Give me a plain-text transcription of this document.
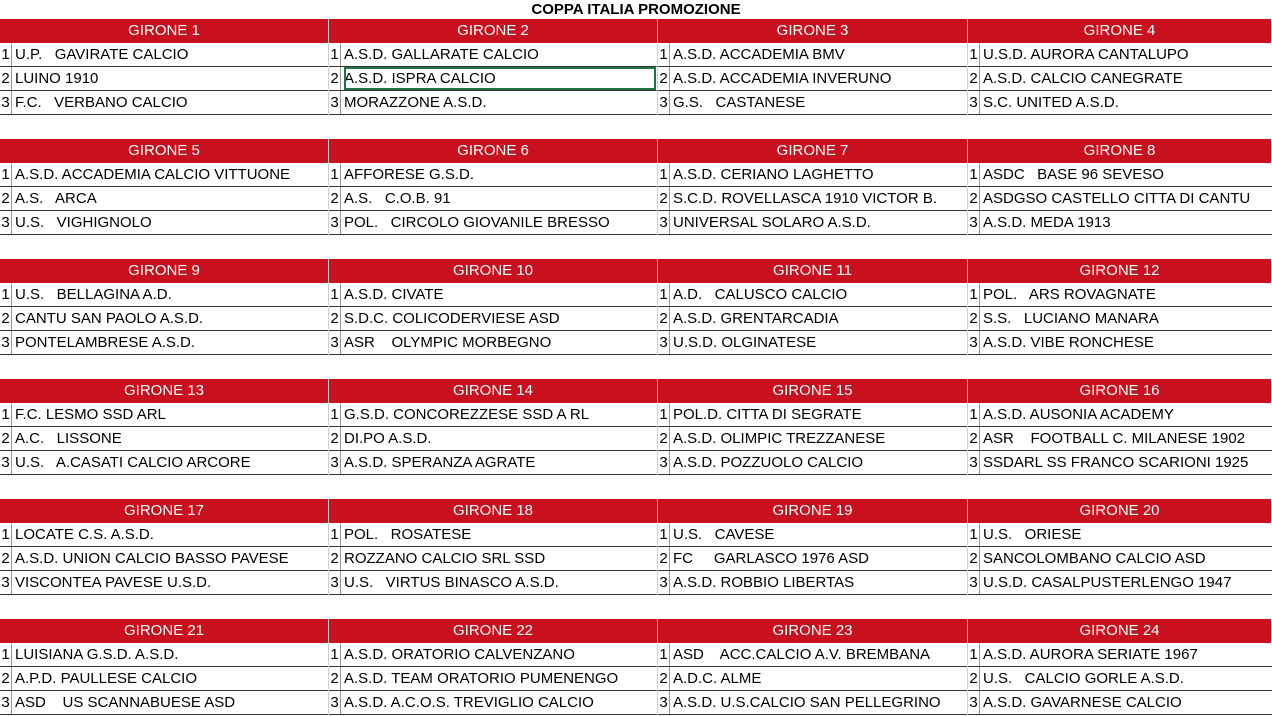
COPPA ITALIA PROMOZIONE
GIRONE 1	GIRONE 2	GIRONE 3	GIRONE 4
1 U.P.   GAVIRATE CALCIO	1 A.S.D. GALLARATE CALCIO	1 A.S.D. ACCADEMIA BMV	1 U.S.D. AURORA CANTALUPO
2 LUINO 1910	2 A.S.D. ISPRA CALCIO	2 A.S.D. ACCADEMIA INVERUNO	2 A.S.D. CALCIO CANEGRATE
3 F.C.   VERBANO CALCIO	3 MORAZZONE A.S.D.	3 G.S.   CASTANESE	3 S.C. UNITED A.S.D.
GIRONE 5	GIRONE 6	GIRONE 7	GIRONE 8
1 A.S.D. ACCADEMIA CALCIO VITTUONE	1 AFFORESE G.S.D.	1 A.S.D. CERIANO LAGHETTO	1 ASDC   BASE 96 SEVESO
2 A.S.   ARCA	2 A.S.   C.O.B. 91	2 S.C.D. ROVELLASCA 1910 VICTOR B.	2 ASDGSO CASTELLO CITTA DI CANTU
3 U.S.   VIGHIGNOLO	3 POL.   CIRCOLO GIOVANILE BRESSO	3 UNIVERSAL SOLARO A.S.D.	3 A.S.D. MEDA 1913
GIRONE 9	GIRONE 10	GIRONE 11	GIRONE 12
1 U.S.   BELLAGINA A.D.	1 A.S.D. CIVATE	1 A.D.   CALUSCO CALCIO	1 POL.   ARS ROVAGNATE
2 CANTU SAN PAOLO A.S.D.	2 S.D.C. COLICODERVIESE ASD	2 A.S.D. GRENTARCADIA	2 S.S.   LUCIANO MANARA
3 PONTELAMBRESE A.S.D.	3 ASR    OLYMPIC MORBEGNO	3 U.S.D. OLGINATESE	3 A.S.D. VIBE RONCHESE
GIRONE 13	GIRONE 14	GIRONE 15	GIRONE 16
1 F.C. LESMO SSD ARL	1 G.S.D. CONCOREZZESE SSD A RL	1 POL.D. CITTA DI SEGRATE	1 A.S.D. AUSONIA ACADEMY
2 A.C.   LISSONE	2 DI.PO A.S.D.	2 A.S.D. OLIMPIC TREZZANESE	2 ASR    FOOTBALL C. MILANESE 1902
3 U.S.   A.CASATI CALCIO ARCORE	3 A.S.D. SPERANZA AGRATE	3 A.S.D. POZZUOLO CALCIO	3 SSDARL SS FRANCO SCARIONI 1925
GIRONE 17	GIRONE 18	GIRONE 19	GIRONE 20
1 LOCATE C.S. A.S.D.	1 POL.   ROSATESE	1 U.S.   CAVESE	1 U.S.   ORIESE
2 A.S.D. UNION CALCIO BASSO PAVESE	2 ROZZANO CALCIO SRL SSD	2 FC     GARLASCO 1976 ASD	2 SANCOLOMBANO CALCIO ASD
3 VISCONTEA PAVESE U.S.D.	3 U.S.   VIRTUS BINASCO A.S.D.	3 A.S.D. ROBBIO LIBERTAS	3 U.S.D. CASALPUSTERLENGO 1947
GIRONE 21	GIRONE 22	GIRONE 23	GIRONE 24
1 LUISIANA G.S.D. A.S.D.	1 A.S.D. ORATORIO CALVENZANO	1 ASD    ACC.CALCIO A.V. BREMBANA	1 A.S.D. AURORA SERIATE 1967
2 A.P.D. PAULLESE CALCIO	2 A.S.D. TEAM ORATORIO PUMENENGO	2 A.D.C. ALME	2 U.S.   CALCIO GORLE A.S.D.
3 ASD    US SCANNABUESE ASD	3 A.S.D. A.C.O.S. TREVIGLIO CALCIO	3 A.S.D. U.S.CALCIO SAN PELLEGRINO	3 A.S.D. GAVARNESE CALCIO
